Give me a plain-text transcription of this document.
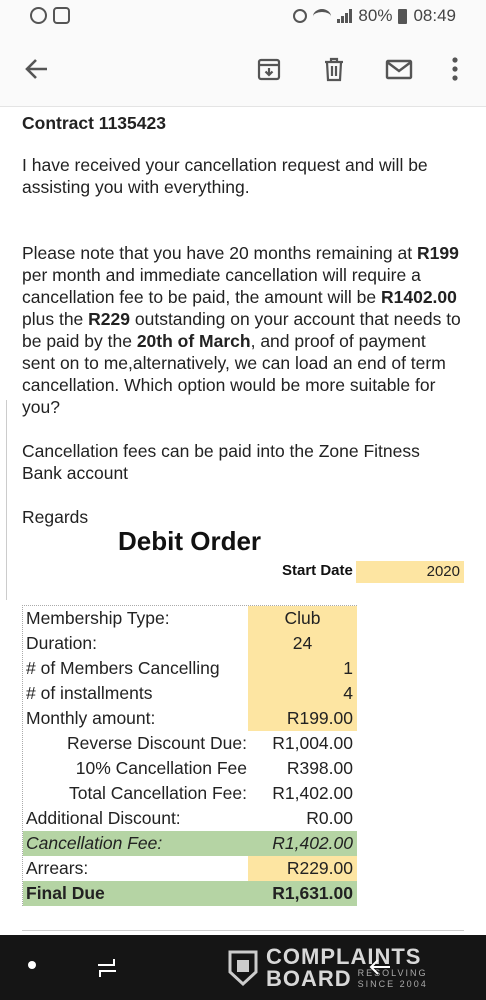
80% 08:49

Contract 1135423

I have received your cancellation request and will be assisting you with everything.

Please note that you have 20 months remaining at R199 per month and immediate cancellation will require a cancellation fee to be paid, the amount will be R1402.00 plus the R229 outstanding on your account that needs to be paid by the 20th of March, and proof of payment sent on to me,alternatively, we can load an end of term cancellation. Which option would be more suitable for you?

Cancellation fees can be paid into the Zone Fitness Bank account

Regards

Debit Order
Start Date	2020
Membership Type:	Club
Duration:	24
# of Members Cancelling	1
# of installments	4
Monthly amount:	R199.00
Reverse Discount Due:	R1,004.00
10% Cancellation Fee	R398.00
Total Cancellation Fee:	R1,402.00
Additional Discount:	R0.00
Cancellation Fee:	R1,402.00
Arrears:	R229.00
Final Due	R1,631.00
COMPLAINTS
BOARD RESOLVING
SINCE 2004
